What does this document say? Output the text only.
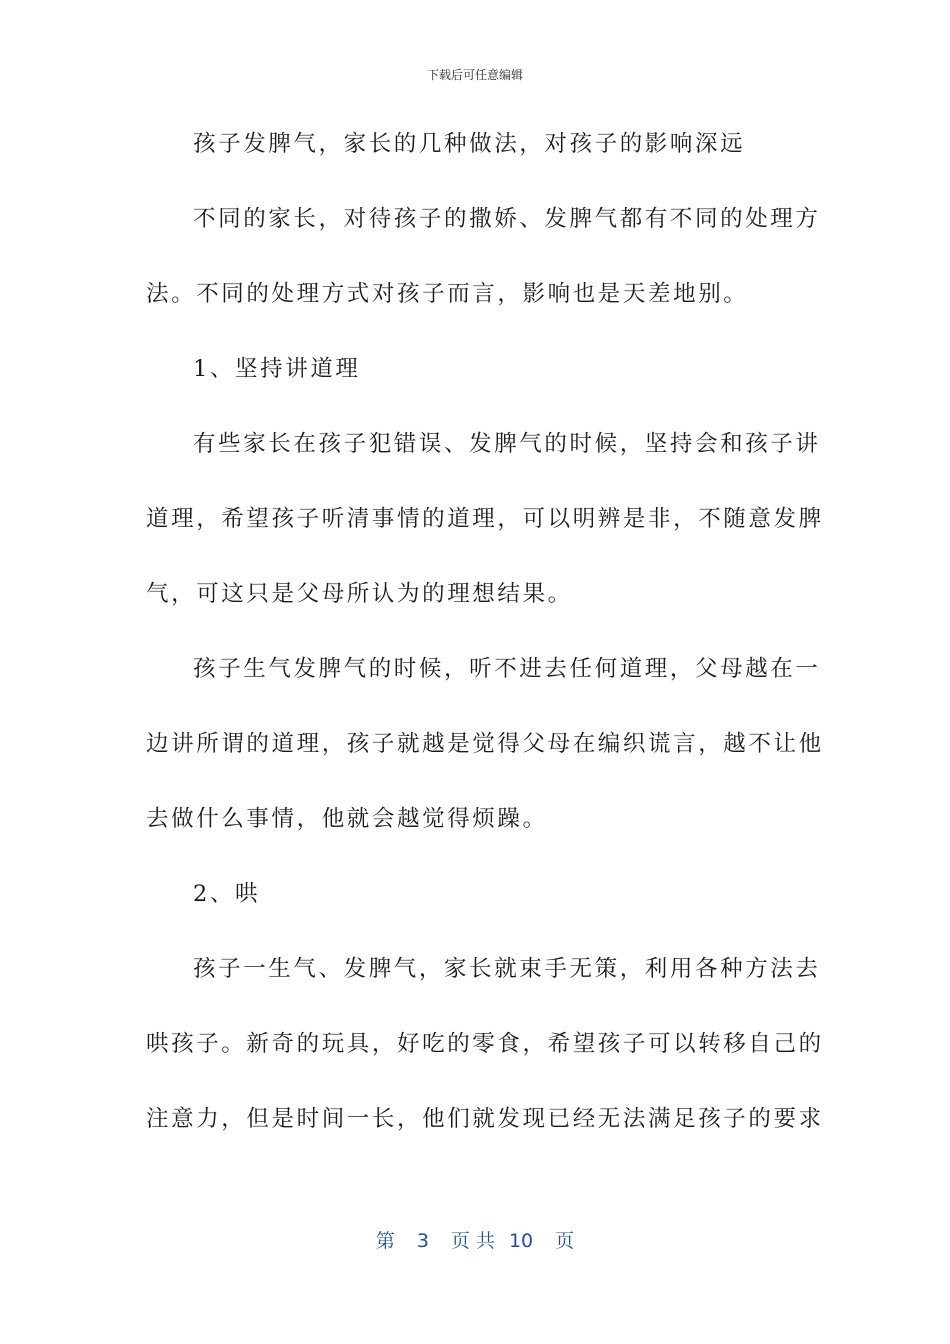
下载后可任意编辑
孩子发脾气，家长的几种做法，对孩子的影响深远
不同的家长，对待孩子的撒娇、发脾气都有不同的处理方
法。不同的处理方式对孩子而言，影响也是天差地别。
1、坚持讲道理
有些家长在孩子犯错误、发脾气的时候，坚持会和孩子讲
道理，希望孩子听清事情的道理，可以明辨是非，不随意发脾
气，可这只是父母所认为的理想结果。
孩子生气发脾气的时候，听不进去任何道理，父母越在一
边讲所谓的道理，孩子就越是觉得父母在编织谎言，越不让他
去做什么事情，他就会越觉得烦躁。
2、哄
孩子一生气、发脾气，家长就束手无策，利用各种方法去
哄孩子。新奇的玩具，好吃的零食，希望孩子可以转移自己的
注意力，但是时间一长，他们就发现已经无法满足孩子的要求
第 3 页 共 10 页
